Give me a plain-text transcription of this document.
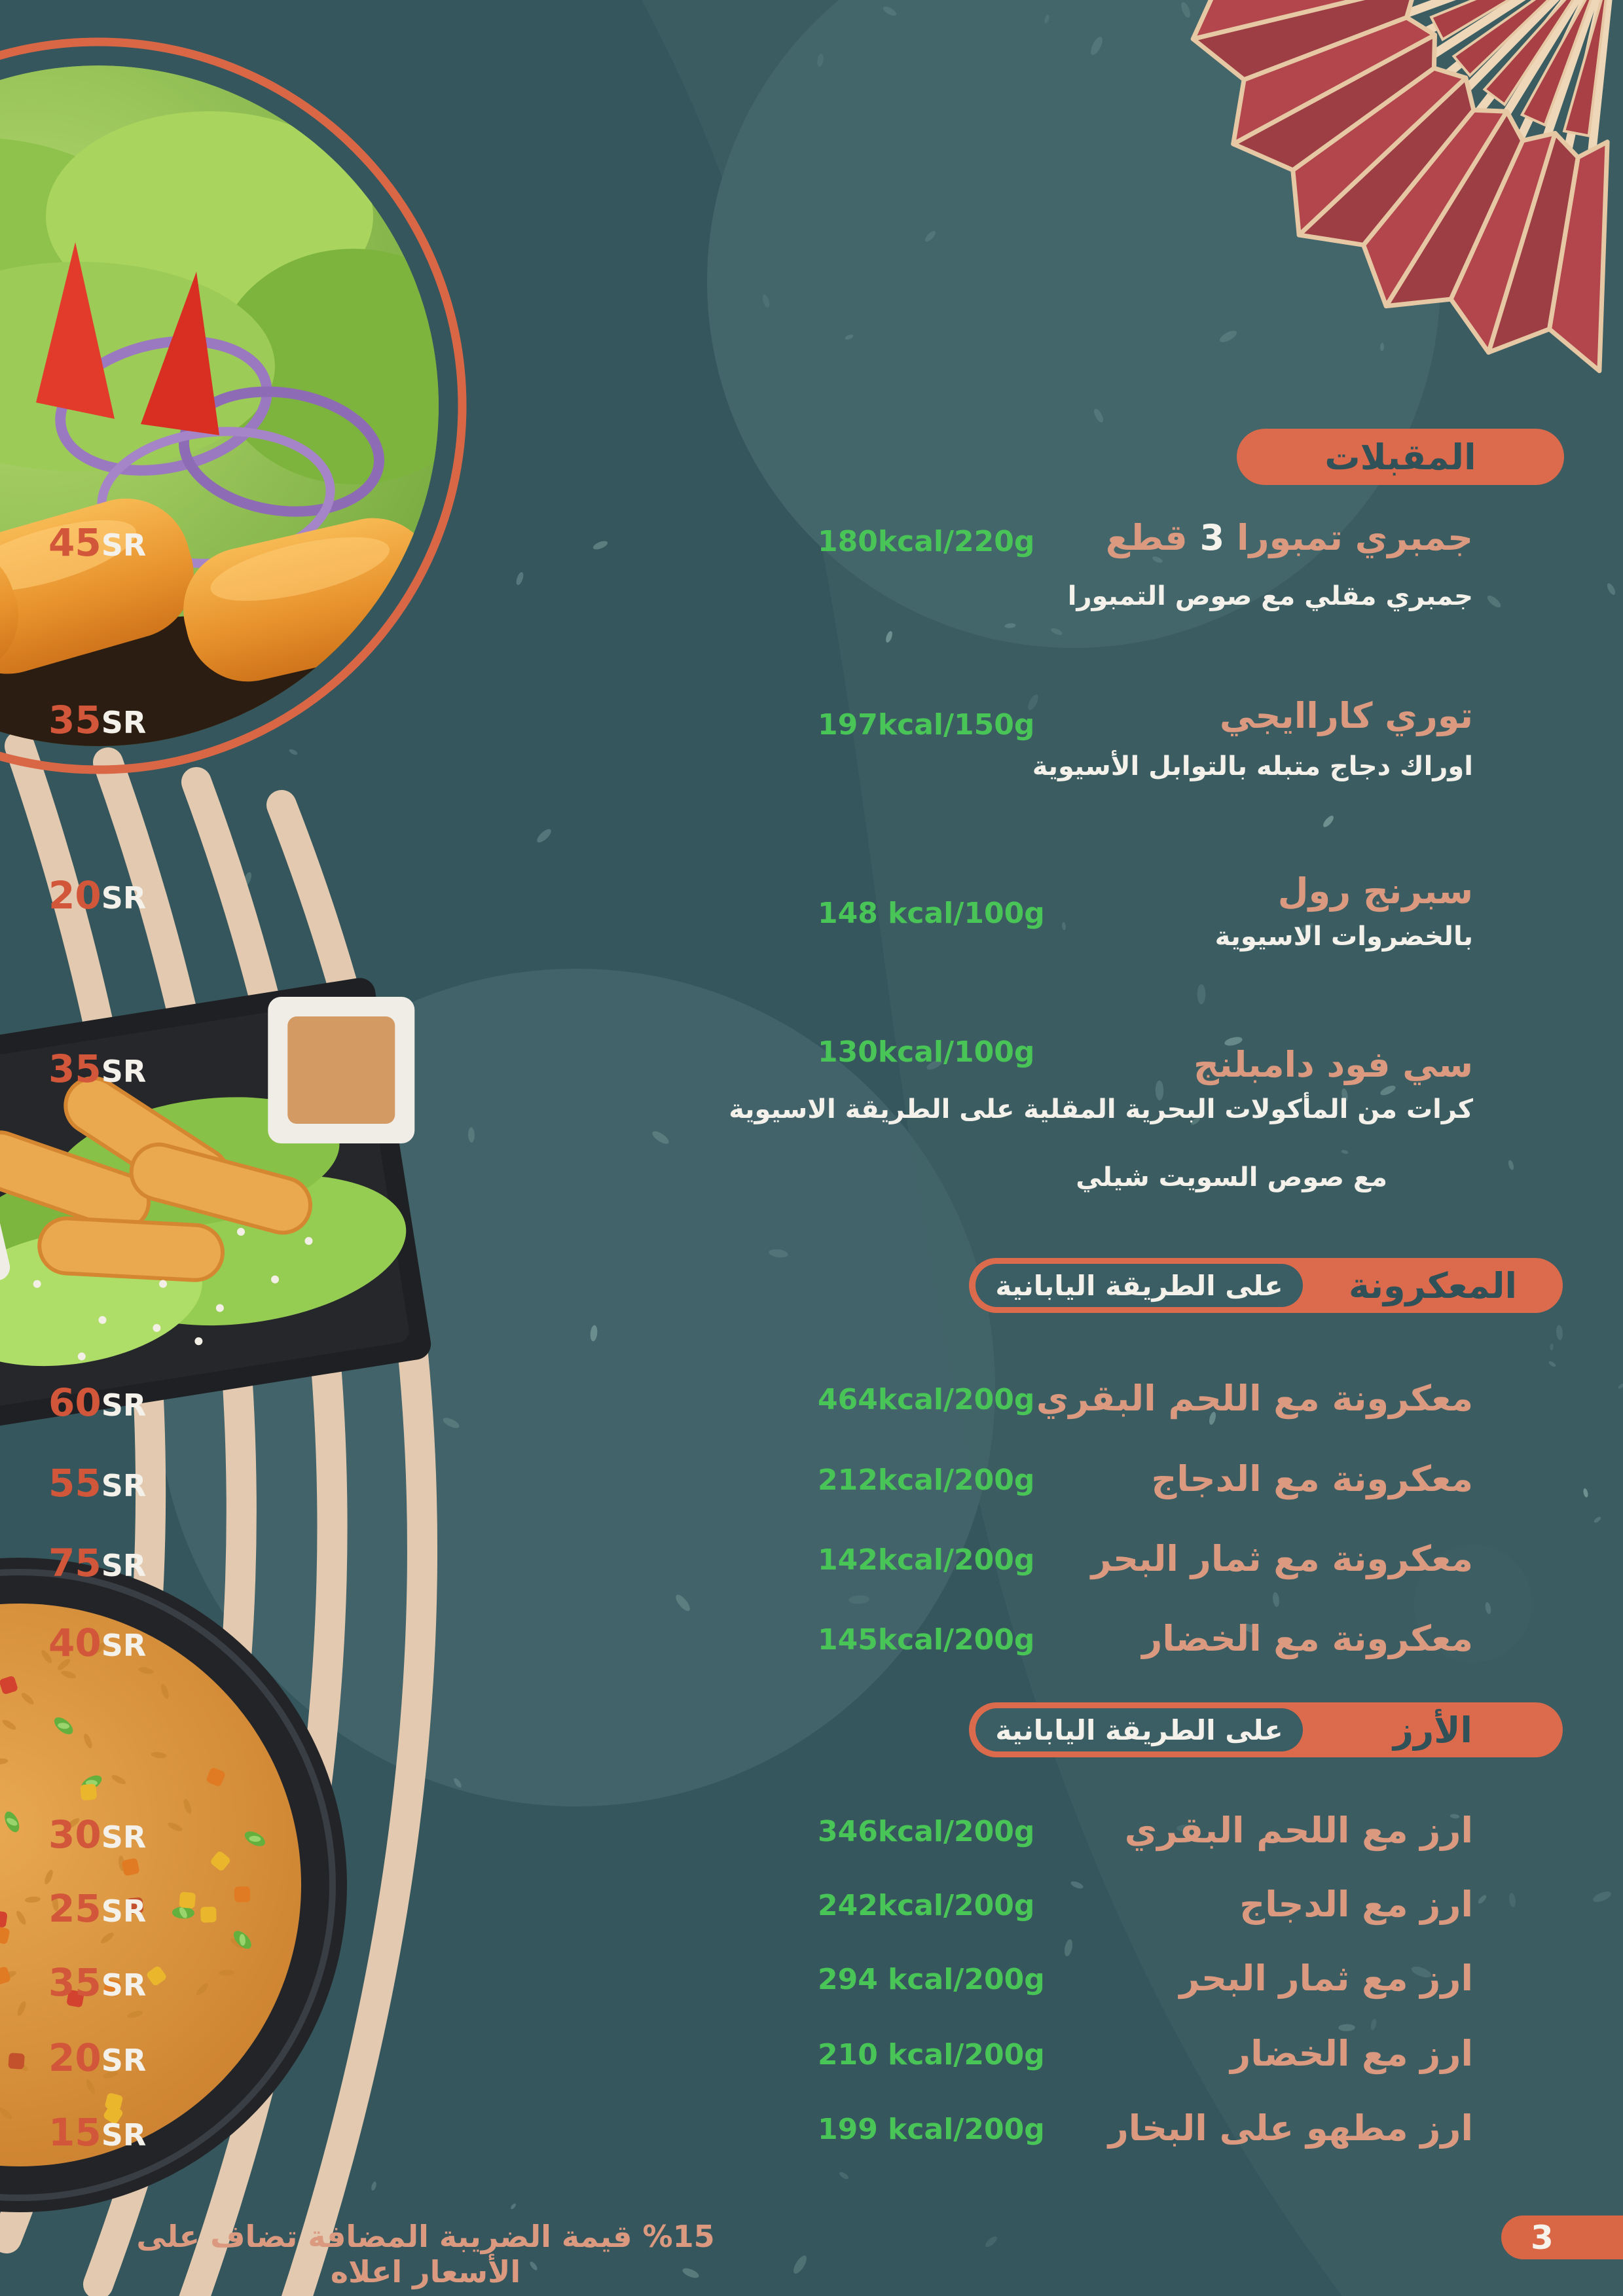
المقبلات
جمبري تمبورا 3 قطع
45SR	180kcal/220g
جمبري مقلي مع صوص التمبورا
توري كاراايجي
35SR	197kcal/150g
اوراك دجاج متبله بالتوابل الأسيوية
سبرنج رول
20SR	148 kcal/100g
بالخضروات الاسيوية
سي فود دامبلنج
35SR
130kcal/100g
كرات من المأكولات البحرية المقلية على الطريقة الاسيوية
مع صوص السويت شيلي
المعكرونة
على الطريقة اليابانية
معكرونة مع اللحم البقري
60SR	464kcal/200g
معكرونة مع الدجاج
55SR	212kcal/200g
معكرونة مع ثمار البحر
75SR	142kcal/200g
معكرونة مع الخضار
40SR	145kcal/200g
الأرز
على الطريقة اليابانية
ارز مع اللحم البقري
30SR	346kcal/200g
ارز مع الدجاج
25SR	242kcal/200g
ارز مع ثمار البحر
35SR	294 kcal/200g
ارز مع الخضار
20SR	210 kcal/200g
ارز مطهو على البخار
15SR	199 kcal/200g
%15 قيمة الضريبة المضافة تضاف على الأسعار اعلاه
3
